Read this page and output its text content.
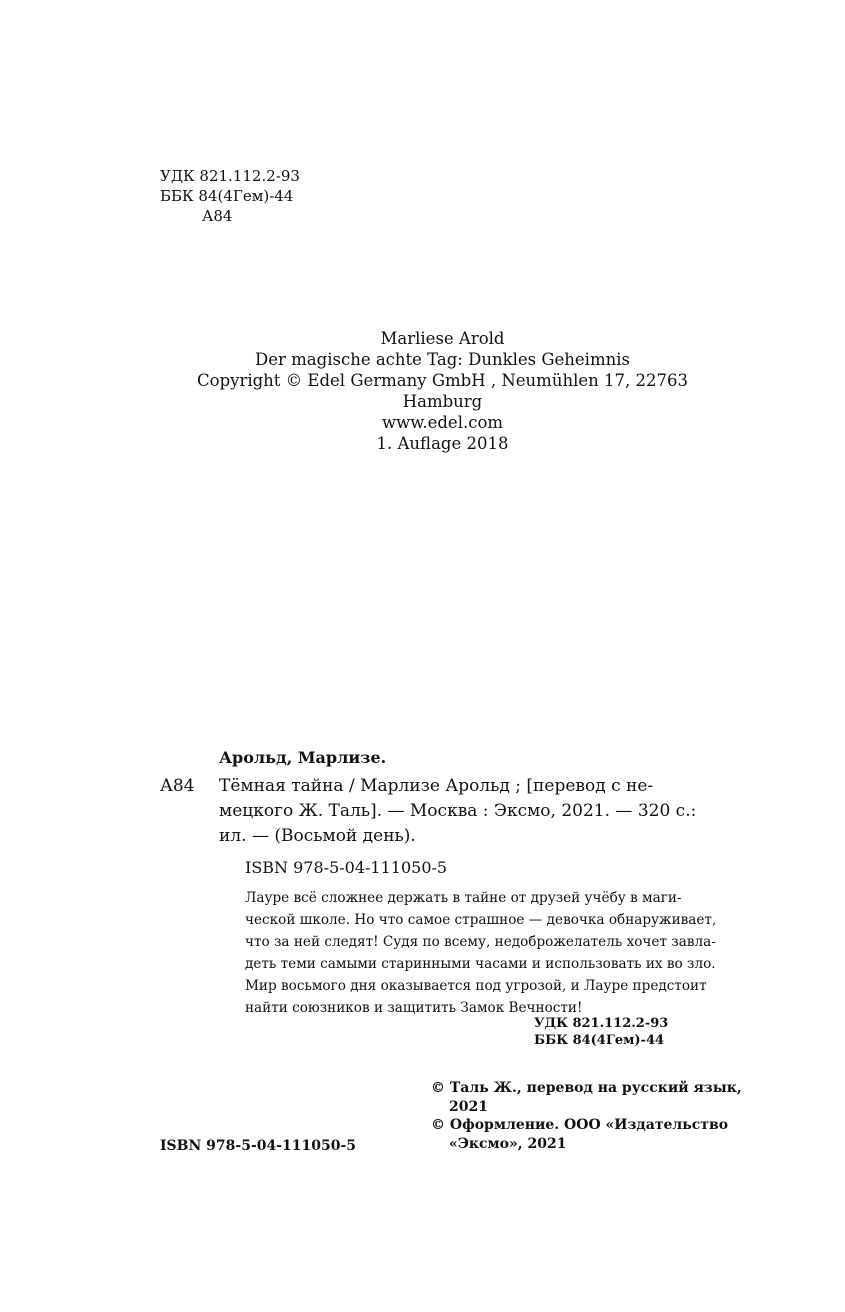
УДК 821.112.2-93
ББК 84(4Гем)-44
А84
Marliese Arold
Der magische achte Tag: Dunkles Geheimnis
Copyright © Edel Germany GmbH , Neumühlen 17, 22763
Hamburg
www.edel.com
1. Auflage 2018
Арольд, Марлизе.
А84 Тёмная тайна / Марлизе Арольд ; [перевод с не-
мецкого Ж. Таль]. — Москва : Эксмо, 2021. — 320 с.:
ил. — (Восьмой день).
ISBN 978-5-04-111050-5
Лауре всё сложнее держать в тайне от друзей учёбу в маги-
ческой школе. Но что самое страшное — девочка обнаруживает,
что за ней следят! Судя по всему, недоброжелатель хочет завла-
деть теми самыми старинными часами и использовать их во зло.
Мир восьмого дня оказывается под угрозой, и Лауре предстоит
найти союзников и защитить Замок Вечности!
УДК 821.112.2-93
ББК 84(4Гем)-44
© Таль Ж., перевод на русский язык,
2021
© Оформление. ООО «Издательство
«Эксмо», 2021
ISBN 978-5-04-111050-5
